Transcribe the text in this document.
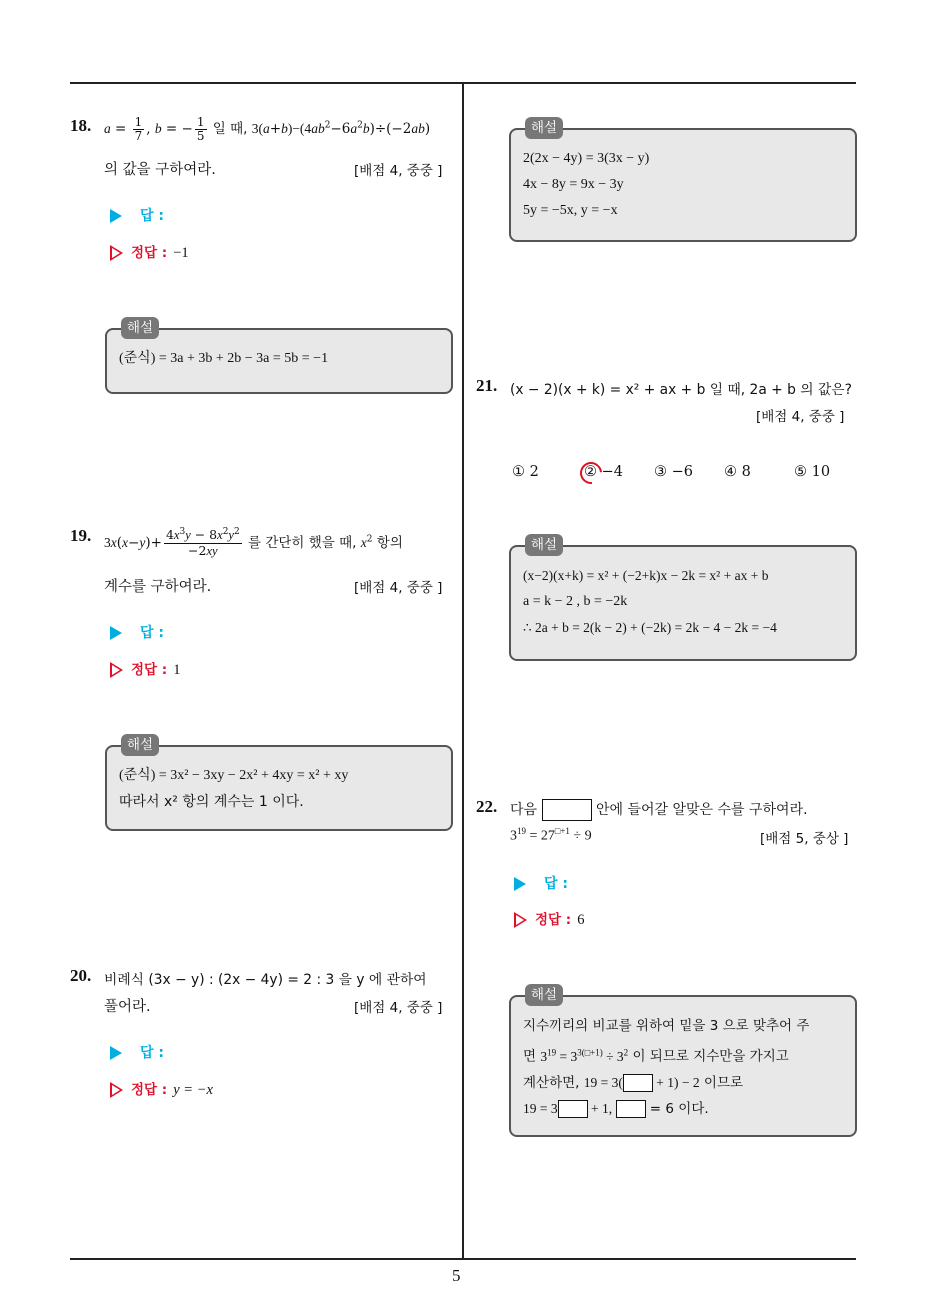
5
18. $a = \frac{1}{7}$ , b = − $\frac{1}{5}$ 일 때, $3(a+b)-(4ab^2-6a^2b)\div(-2ab)$
의 값을 구하여라.	[배점 4, 중중 ]
답 :
정답 : −1
해설
(준식) = 3a + 3b + 2b − 3a = 5b = −1
19. $3x(x-y)+ \frac{4x^3y - 8x^2y^2}{-2xy}$ 를 간단히 했을 때, $x^2$ 항의
계수를 구하여라.	[배점 4, 중중 ]
답 :
정답 : 1
해설
(준식) = 3x² − 3xy − 2x² + 4xy = x² + xy
따라서 x² 항의 계수는 1 이다.
20. 비례식 (3x − y) : (2x − 4y) = 2 : 3 을 y 에 관하여
풀어라.	[배점 4, 중중 ]
답 :
정답 : y = −x
해설
2(2x − 4y) = 3(3x − y)
4x − 8y = 9x − 3y
5y = −5x, y = −x
21. (x − 2)(x + k) = x² + ax + b 일 때, 2a + b 의 값은?
[배점 4, 중중 ]
① 2	② −4 ③ −6 ④ 8	⑤ 10
해설
(x−2)(x+k) = x² + (−2+k)x − 2k = x² + ax + b
a = k − 2 , b = −2k
∴ 2a + b = 2(k − 2) + (−2k) = 2k − 4 − 2k = −4
22. 다음	안에 들어갈 알맞은 수를 구하여라.
$3^{19} = 27^{□+1} \div 9$	[배점 5, 중상 ]
답 :
정답 : 6
해설
지수끼리의 비교를 위하여 밑을 3 으로 맞추어 주
면 $3^{19} = 3^{3(□+1)} \div 3^2$ 이 되므로 지수만을 가지고
계산하면, 19 = 3( + 1) − 2 이므로
19 = 3 + 1,	= 6 이다.
